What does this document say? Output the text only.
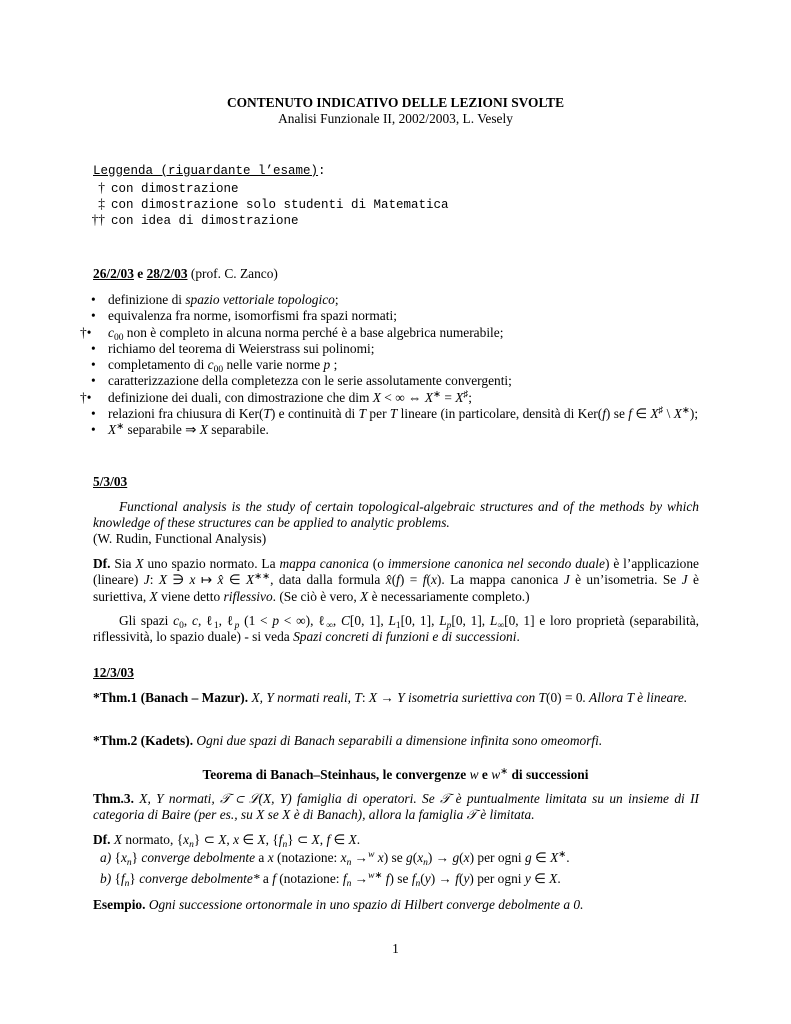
CONTENUTO INDICATIVO DELLE LEZIONI SVOLTE
Analisi Funzionale II, 2002/2003, L. Vesely
Leggenda (riguardante l’esame):
† con dimostrazione
‡ con dimostrazione solo studenti di Matematica
†† con idea di dimostrazione
26/2/03 e 28/2/03 (prof. C. Zanco)
• definizione di spazio vettoriale topologico;
• equivalenza fra norme, isomorfismi fra spazi normati;
†•	$c_{00}$ non è completo in alcuna norma perché è a base algebrica numerabile;
• richiamo del teorema di Weierstrass sui polinomi;
• completamento di $c_{00}$ nelle varie norme p ;
• caratterizzazione della completezza con le serie assolutamente convergenti;
†•	definizione dei duali, con dimostrazione che dim X < ∞ ⇔ X∗ = X♯;
• relazioni fra chiusura di Ker(T) e continuità di T per T lineare (in particolare, densità di Ker(f) se f ∈ X♯ \ X∗);
• X∗ separabile ⇒ X separabile.
5/3/03
Functional analysis is the study of certain topological-algebraic structures and of the methods by which knowledge of these structures can be applied to analytic problems.
(W. Rudin, Functional Analysis)
Df. Sia X uno spazio normato. La mappa canonica (o immersione canonica nel secondo duale) è l’applicazione (lineare) J: X ∋ x ↦ x̂ ∈ X∗∗, data dalla formula x̂(f) = f(x). La mappa canonica J è un’isometria. Se J è suriettiva, X viene detto riflessivo. (Se ciò è vero, X è necessariamente completo.)
Gli spazi $c_0$, c, ℓ$_1$, ℓ$_p$ (1 < p < ∞), ℓ$_\infty$, C[0, 1], $L_1[0$, 1], $L_p[0$, 1], $L_\infty[0$, 1] e loro proprietà (separabilità, riflessività, lo spazio duale) - si veda Spazi concreti di funzioni e di successioni.
12/3/03
*Thm.1 (Banach – Mazur). X, Y normati reali, T: X → Y isometria suriettiva con T(0) = 0. Allora T è lineare.
*Thm.2 (Kadets). Ogni due spazi di Banach separabili a dimensione infinita sono omeomorfi.
Teorema di Banach–Steinhaus, le convergenze w e w∗ di successioni
Thm.3. X, Y normati, 𝒯 ⊂ ℒ(X, Y) famiglia di operatori. Se 𝒯 è puntualmente limitata su un insieme di II categoria di Baire (per es., su X se X è di Banach), allora la famiglia 𝒯 è limitata.
Df. X normato, $\{x_n\}$ ⊂ X, x ∈ X, $\{f_n\}$ ⊂ X, f ∈ X.
a) $\{x_n\}$ converge debolmente a x (notazione: $x_n \to^w$ x) se $g(x_n) \to g(x)$ per ogni g ∈ X∗.
b) $\{f_n\}$ converge debolmente* a f (notazione: $f_n \to^{w∗}$ f) se $f_n(y) \to f(y)$ per ogni y ∈ X.
Esempio. Ogni successione ortonormale in uno spazio di Hilbert converge debolmente a 0.
1
